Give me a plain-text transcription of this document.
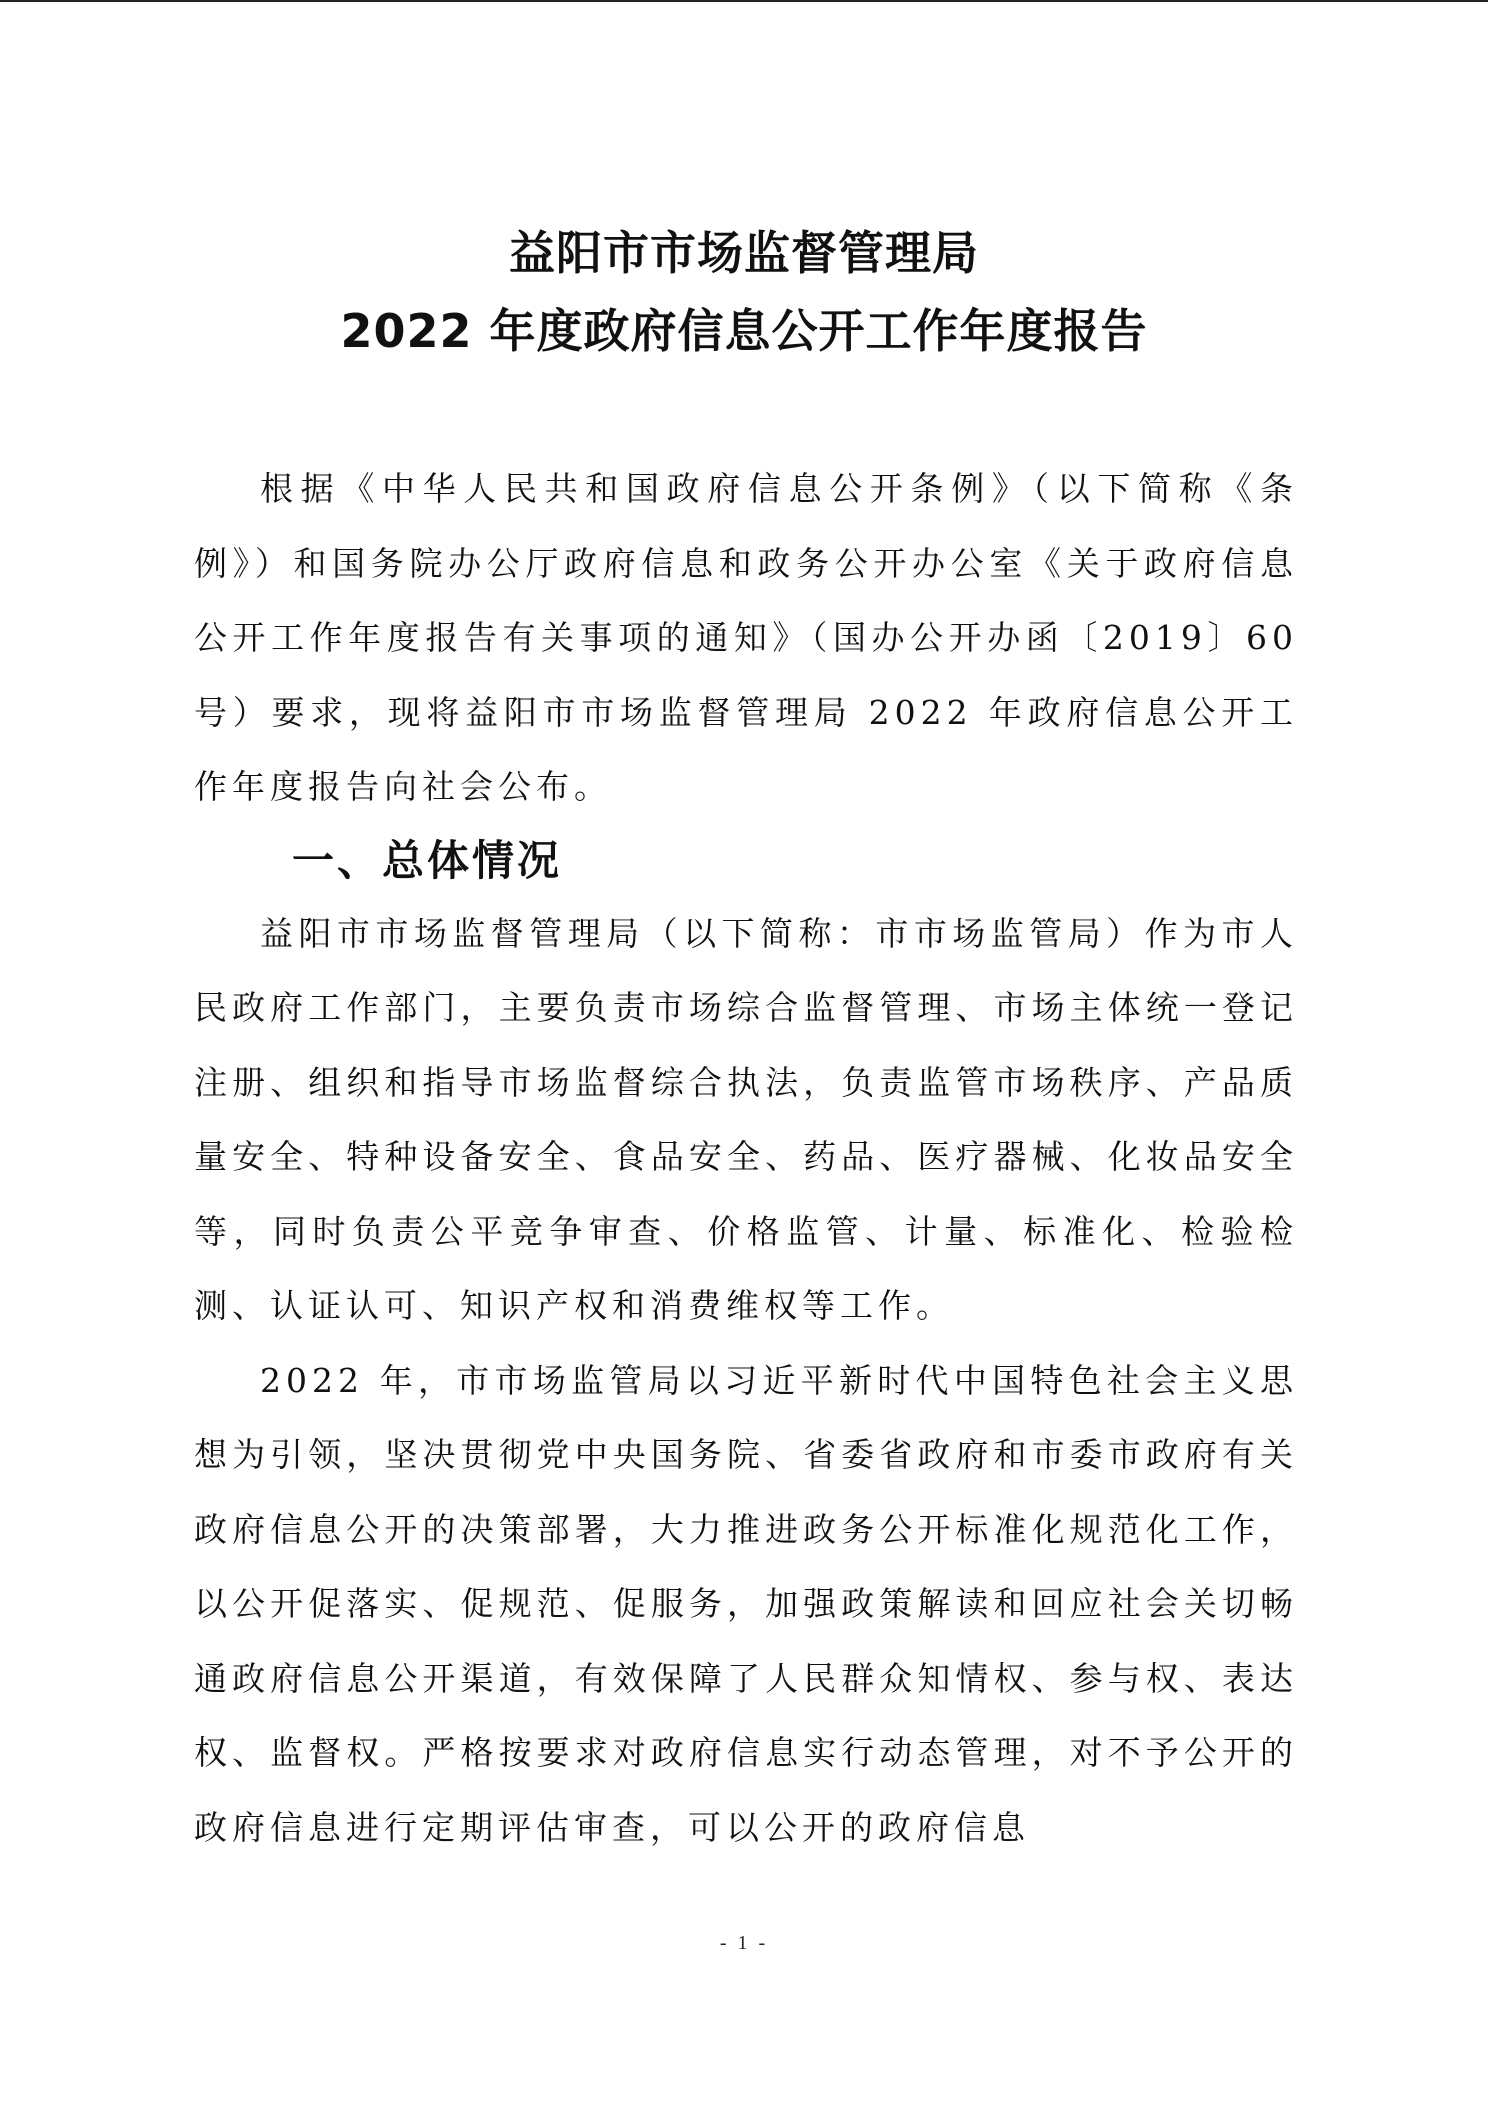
益阳市市场监督管理局
2022 年度政府信息公开工作年度报告

根据《中华人民共和国政府信息公开条例》（以下简称《条例》）和国务院办公厅政府信息和政务公开办公室《关于政府信息公开工作年度报告有关事项的通知》（国办公开办函〔2019〕60 号）要求，现将益阳市市场监督管理局 2022 年政府信息公开工作年度报告向社会公布。

一、总体情况

益阳市市场监督管理局（以下简称：市市场监管局）作为市人民政府工作部门，主要负责市场综合监督管理、市场主体统一登记注册、组织和指导市场监督综合执法，负责监管市场秩序、产品质量安全、特种设备安全、食品安全、药品、医疗器械、化妆品安全等，同时负责公平竞争审查、价格监管、计量、标准化、检验检测、认证认可、知识产权和消费维权等工作。

2022 年，市市场监管局以习近平新时代中国特色社会主义思想为引领，坚决贯彻党中央国务院、省委省政府和市委市政府有关政府信息公开的决策部署，大力推进政务公开标准化规范化工作，以公开促落实、促规范、促服务，加强政策解读和回应社会关切畅通政府信息公开渠道，有效保障了人民群众知情权、参与权、表达权、监督权。严格按要求对政府信息实行动态管理，对不予公开的政府信息进行定期评估审查，可以公开的政府信息

- 1 -
